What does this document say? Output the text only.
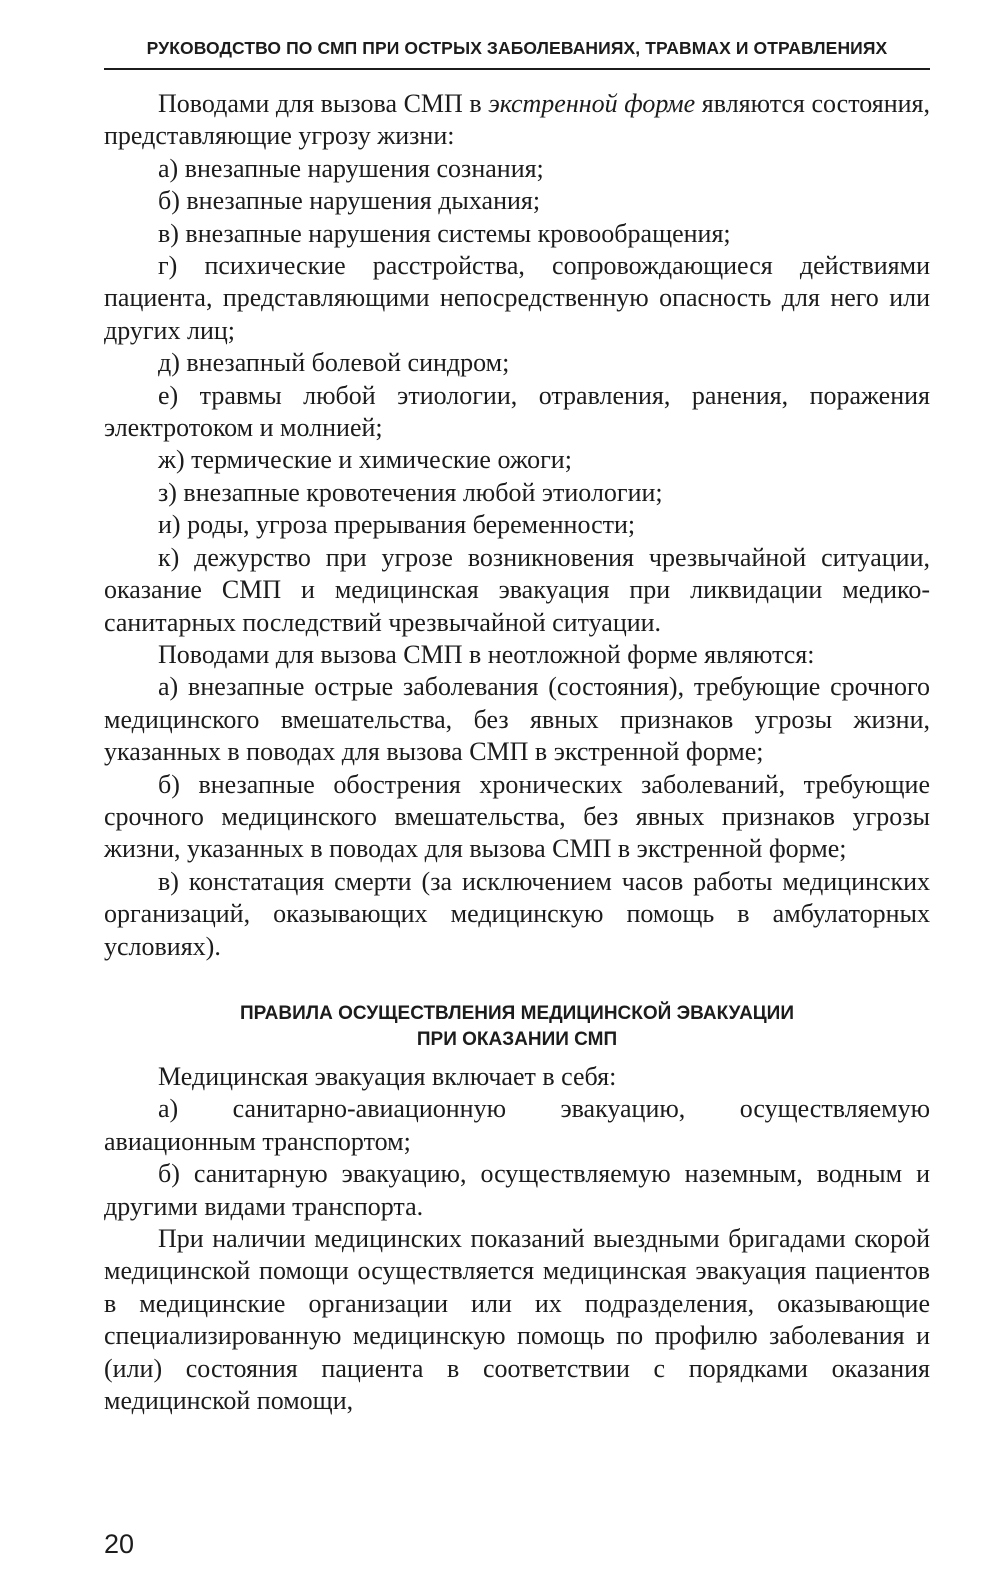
РУКОВОДСТВО ПО СМП ПРИ ОСТРЫХ ЗАБОЛЕВАНИЯХ, ТРАВМАХ И ОТРАВЛЕНИЯХ

Поводами для вызова СМП в экстренной форме являются состояния, представляющие угрозу жизни:

а) внезапные нарушения сознания;

б) внезапные нарушения дыхания;

в) внезапные нарушения системы кровообращения;

г) психические расстройства, сопровождающиеся действиями пациента, представляющими непосредственную опасность для него или других лиц;

д) внезапный болевой синдром;

е) травмы любой этиологии, отравления, ранения, поражения электротоком и молнией;

ж) термические и химические ожоги;

з) внезапные кровотечения любой этиологии;

и) роды, угроза прерывания беременности;

к) дежурство при угрозе возникновения чрезвычайной ситуации, оказание СМП и медицинская эвакуация при ликвидации медико-санитарных последствий чрезвычайной ситуации.

Поводами для вызова СМП в неотложной форме являются:

а) внезапные острые заболевания (состояния), требующие срочного медицинского вмешательства, без явных признаков угрозы жизни, указанных в поводах для вызова СМП в экстренной форме;

б) внезапные обострения хронических заболеваний, требующие срочного медицинского вмешательства, без явных признаков угрозы жизни, указанных в поводах для вызова СМП в экстренной форме;

в) констатация смерти (за исключением часов работы медицинских организаций, оказывающих медицинскую помощь в амбулаторных условиях).

ПРАВИЛА ОСУЩЕСТВЛЕНИЯ МЕДИЦИНСКОЙ ЭВАКУАЦИИ
ПРИ ОКАЗАНИИ СМП

Медицинская эвакуация включает в себя:

а) санитарно-авиационную эвакуацию, осуществляемую авиационным транспортом;

б) санитарную эвакуацию, осуществляемую наземным, водным и другими видами транспорта.

При наличии медицинских показаний выездными бригадами скорой медицинской помощи осуществляется медицинская эвакуация пациентов в медицинские организации или их подразделения, оказывающие специализированную медицинскую помощь по профилю заболевания и (или) состояния пациента в соответствии с порядками оказания медицинской помощи,

20
